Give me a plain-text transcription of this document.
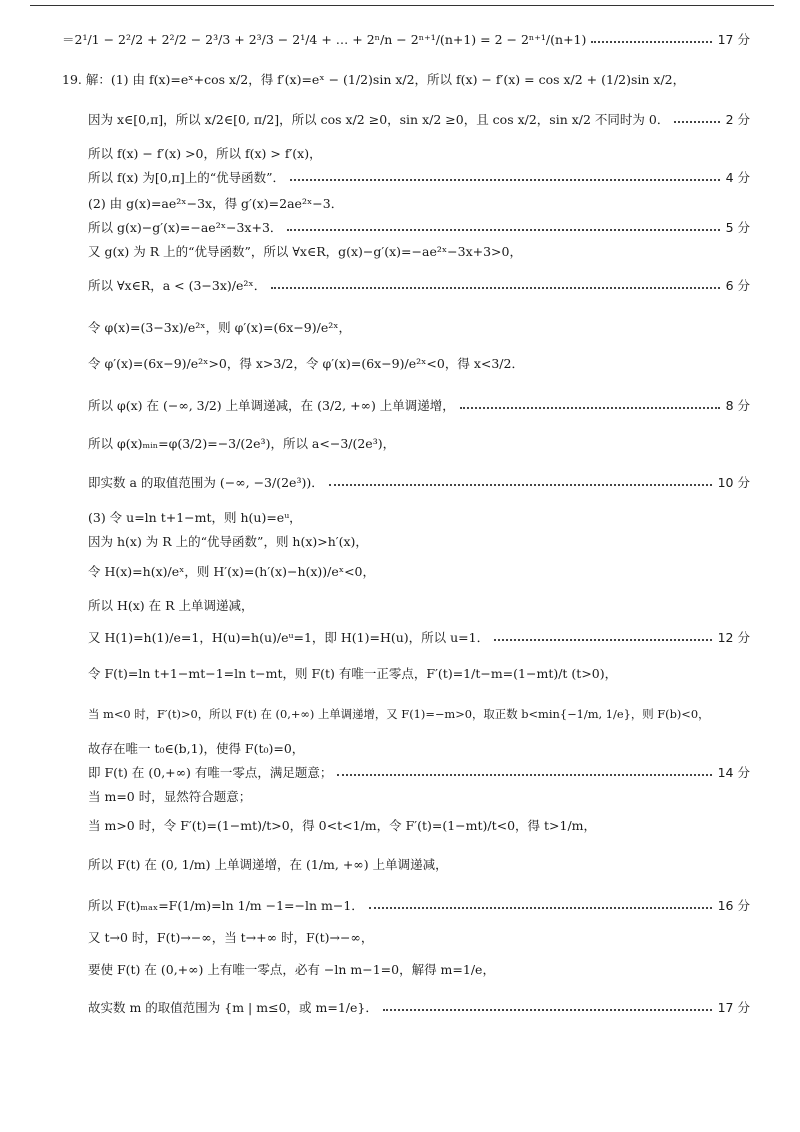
＝2¹/1 − 2²/2 + 2²/2 − 2³/3 + 2³/3 − 2¹/4 + … + 2ⁿ/n − 2ⁿ⁺¹/(n+1) = 2 − 2ⁿ⁺¹/(n+1)	17 分
19. 解：(1) 由 f(x)=eˣ+cos x/2，得 f′(x)=eˣ − (1/2)sin x/2，所以 f(x) − f′(x) = cos x/2 + (1/2)sin x/2，
因为 x∈[0,π]，所以 x/2∈[0, π/2]，所以 cos x/2 ≥0，sin x/2 ≥0，且 cos x/2，sin x/2 不同时为 0．	2 分
所以 f(x) − f′(x) >0，所以 f(x) > f′(x)，
所以 f(x) 为[0,π]上的“优导函数”．	4 分
(2) 由 g(x)=ae²ˣ−3x，得 g′(x)=2ae²ˣ−3．
所以 g(x)−g′(x)=−ae²ˣ−3x+3．	5 分
又 g(x) 为 R 上的“优导函数”，所以 ∀x∈R，g(x)−g′(x)=−ae²ˣ−3x+3>0，
所以 ∀x∈R，a < (3−3x)/e²ˣ．	6 分
令 φ(x)=(3−3x)/e²ˣ，则 φ′(x)=(6x−9)/e²ˣ，
令 φ′(x)=(6x−9)/e²ˣ>0，得 x>3/2，令 φ′(x)=(6x−9)/e²ˣ<0，得 x<3/2．
所以 φ(x) 在 (−∞, 3/2) 上单调递减，在 (3/2, +∞) 上单调递增，	8 分
所以 φ(x)ₘᵢₙ=φ(3/2)=−3/(2e³)，所以 a<−3/(2e³)，
即实数 a 的取值范围为 (−∞, −3/(2e³))．	10 分
(3) 令 u=ln t+1−mt，则 h(u)=eᵘ，
因为 h(x) 为 R 上的“优导函数”，则 h(x)>h′(x)，
令 H(x)=h(x)/eˣ，则 H′(x)=(h′(x)−h(x))/eˣ<0，
所以 H(x) 在 R 上单调递减，
又 H(1)=h(1)/e=1，H(u)=h(u)/eᵘ=1，即 H(1)=H(u)，所以 u=1．	12 分
令 F(t)=ln t+1−mt−1=ln t−mt，则 F(t) 有唯一正零点，F′(t)=1/t−m=(1−mt)/t (t>0)，
当 m<0 时，F′(t)>0，所以 F(t) 在 (0,+∞) 上单调递增，又 F(1)=−m>0，取正数 b<min{−1/m, 1/e}，则 F(b)<0，
故存在唯一 t₀∈(b,1)，使得 F(t₀)=0，
即 F(t) 在 (0,+∞) 有唯一零点，满足题意；	14 分
当 m=0 时，显然符合题意；
当 m>0 时，令 F′(t)=(1−mt)/t>0，得 0<t<1/m，令 F′(t)=(1−mt)/t<0，得 t>1/m，
所以 F(t) 在 (0, 1/m) 上单调递增，在 (1/m, +∞) 上单调递减，
所以 F(t)ₘₐₓ=F(1/m)=ln 1/m −1=−ln m−1．	16 分
又 t→0 时，F(t)→−∞，当 t→+∞ 时，F(t)→−∞，
要使 F(t) 在 (0,+∞) 上有唯一零点，必有 −ln m−1=0，解得 m=1/e，
故实数 m 的取值范围为 {m | m≤0，或 m=1/e}．	17 分
